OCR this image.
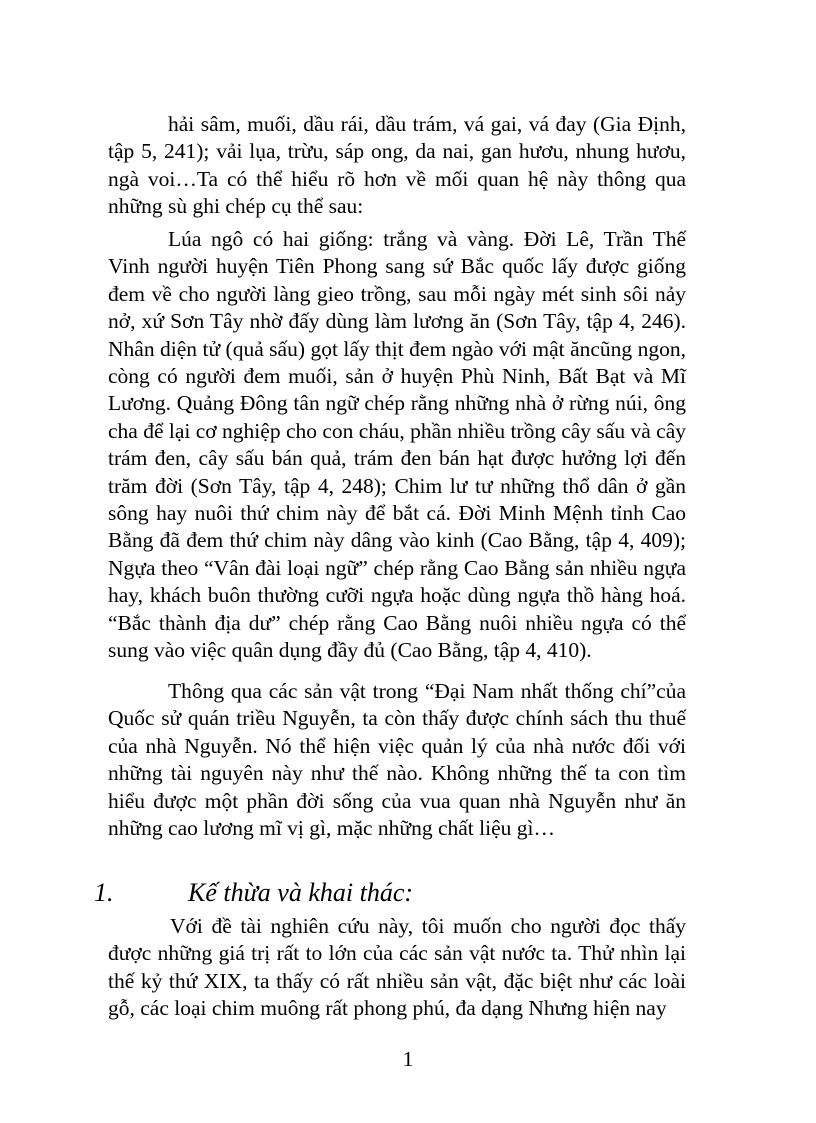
hải sâm, muối, dầu rái, dầu trám, vá gai, vá đay (Gia Định, tập 5, 241); vải lụa, trừu, sáp ong, da nai, gan hươu, nhung hươu, ngà voi…Ta có thể hiểu rõ hơn về mối quan hệ này thông qua những sù ghi chép cụ thể sau:

Lúa ngô có hai giống: trắng và vàng. Đời Lê, Trần Thế Vinh người huyện Tiên Phong sang sứ Bắc quốc lấy được giống đem về cho người làng gieo trồng, sau mỗi ngày mét sinh sôi nảy nở, xứ Sơn Tây nhờ đấy dùng làm lương ăn (Sơn Tây, tập 4, 246). Nhân diện tử (quả sấu) gọt lấy thịt đem ngào với mật ăncũng ngon, còng có người đem muối, sản ở huyện Phù Ninh, Bất Bạt và Mĩ Lương. Quảng Đông tân ngữ chép rằng những nhà ở rừng núi, ông cha để lại cơ nghiệp cho con cháu, phần nhiều trồng cây sấu và cây trám đen, cây sấu bán quả, trám đen bán hạt được hưởng lợi đến trăm đời (Sơn Tây, tập 4, 248); Chim lư tư những thổ dân ở gần sông hay nuôi thứ chim này để bắt cá. Đời Minh Mệnh tỉnh Cao Bằng đã đem thứ chim này dâng vào kinh (Cao Bằng, tập 4, 409); Ngựa theo “Vân đài loại ngữ” chép rằng Cao Bằng sản nhiều ngựa hay, khách buôn thường cưỡi ngựa hoặc dùng ngựa thồ hàng hoá. “Bắc thành địa dư” chép rằng Cao Bằng nuôi nhiều ngựa có thể sung vào việc quân dụng đầy đủ (Cao Bằng, tập 4, 410).

Thông qua các sản vật trong “Đại Nam nhất thống chí”của Quốc sử quán triều Nguyễn, ta còn thấy được chính sách thu thuế của nhà Nguyễn. Nó thể hiện việc quản lý của nhà nước đối với những tài nguyên này như thế nào. Không những thế ta con tìm hiểu được một phần đời sống của vua quan nhà Nguyễn như ăn những cao lương mĩ vị gì, mặc những chất liệu gì…

1.	Kế thừa và khai thác:

Với đề tài nghiên cứu này, tôi muốn cho người đọc thấy được những giá trị rất to lớn của các sản vật nước ta. Thử nhìn lại thế kỷ thứ XIX, ta thấy có rất nhiều sản vật, đặc biệt như các loài gỗ, các loại chim muông rất phong phú, đa dạng Nhưng hiện nay

1
